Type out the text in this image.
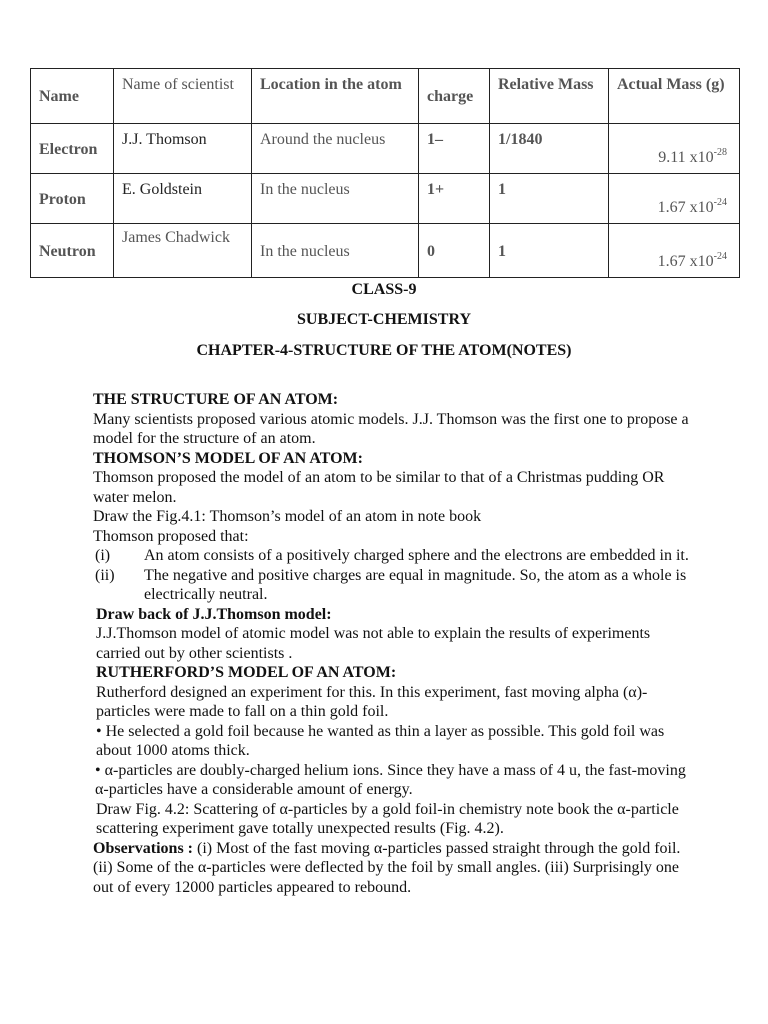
Name	Name of scientist	Location in the atom	charge	Relative Mass	Actual Mass (g)
Electron	J.J. Thomson	Around the nucleus	1–	1/1840	9.11 $x10^{-28}$
Proton	E. Goldstein	In the nucleus	1+	1	1.67 $x10^{-24}$
Neutron	James Chadwick	In the nucleus	0	1	1.67 $x10^{-24}$
CLASS-9
SUBJECT-CHEMISTRY
CHAPTER-4-STRUCTURE OF THE ATOM(NOTES)

THE STRUCTURE OF AN ATOM:

Many scientists proposed various atomic models. J.J. Thomson was the first one to propose a model for the structure of an atom.

THOMSON’S MODEL OF AN ATOM:

Thomson proposed the model of an atom to be similar to that of a Christmas pudding OR water melon.

Draw the Fig.4.1: Thomson’s model of an atom in note book

Thomson proposed that:

(i)	An atom consists of a positively charged sphere and the electrons are embedded in it.
(ii)	The negative and positive charges are equal in magnitude. So, the atom as a whole is electrically neutral.

Draw back of J.J.Thomson model:

J.J.Thomson model of atomic model was not able to explain the results of experiments carried out by other scientists .

RUTHERFORD’S MODEL OF AN ATOM:

Rutherford designed an experiment for this. In this experiment, fast moving alpha (α)-particles were made to fall on a thin gold foil.

• He selected a gold foil because he wanted as thin a layer as possible. This gold foil was about 1000 atoms thick.

• α-particles are doubly-charged helium ions. Since they have a mass of 4 u, the fast-moving α-particles have a considerable amount of energy.

Draw Fig. 4.2: Scattering of α-particles by a gold foil-in chemistry note book the α-particle scattering experiment gave totally unexpected results (Fig. 4.2).

Observations : (i) Most of the fast moving α-particles passed straight through the gold foil. (ii) Some of the α-particles were deflected by the foil by small angles. (iii) Surprisingly one out of every 12000 particles appeared to rebound.
